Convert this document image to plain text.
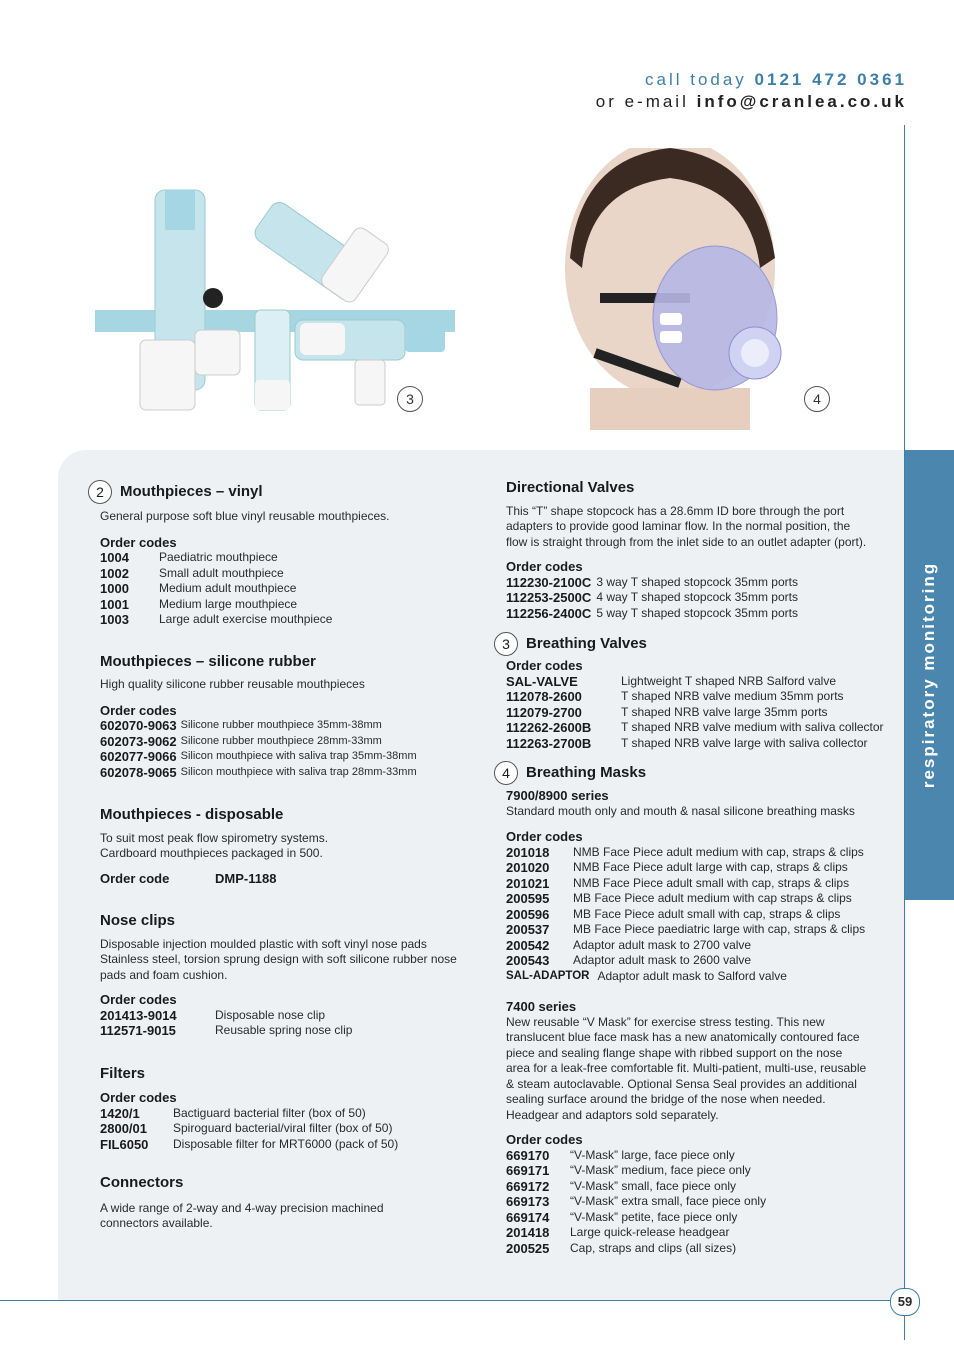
call today 0121 472 0361
or e-mail info@cranlea.co.uk
respiratory monitoring
3	4
2	Mouthpieces – vinyl

General purpose soft blue vinyl reusable mouthpieces.

Order codes

1004	Paediatric mouthpiece
1002	Small adult mouthpiece
1000	Medium adult mouthpiece
1001	Medium large mouthpiece
1003	Large adult exercise mouthpiece
Mouthpieces – silicone rubber

High quality silicone rubber reusable mouthpieces

Order codes

602070-9063 Silicone rubber mouthpiece 35mm-38mm
602073-9062 Silicone rubber mouthpiece 28mm-33mm
602077-9066 Silicon mouthpiece with saliva trap 35mm-38mm
602078-9065 Silicon mouthpiece with saliva trap 28mm-33mm
Mouthpieces - disposable

To suit most peak flow spirometry systems.

Cardboard mouthpieces packaged in 500.

Order code	DMP-1188
Nose clips

Disposable injection moulded plastic with soft vinyl nose pads

Stainless steel, torsion sprung design with soft silicone rubber nose

pads and foam cushion.

Order codes

201413-9014	Disposable nose clip
112571-9015	Reusable spring nose clip
Filters

Order codes

1420/1	Bactiguard bacterial filter (box of 50)
2800/01	Spiroguard bacterial/viral filter (box of 50)
FIL6050	Disposable filter for MRT6000 (pack of 50)
Connectors

A wide range of 2-way and 4-way precision machined

connectors available.

Directional Valves

This “T” shape stopcock has a 28.6mm ID bore through the port

adapters to provide good laminar flow. In the normal position, the

flow is straight through from the inlet side to an outlet adapter (port).

Order codes

112230-2100C 3 way T shaped stopcock 35mm ports
112253-2500C 4 way T shaped stopcock 35mm ports
112256-2400C 5 way T shaped stopcock 35mm ports
3	Breathing Valves

Order codes

SAL-VALVE	Lightweight T shaped NRB Salford valve
112078-2600	T shaped NRB valve medium 35mm ports
112079-2700	T shaped NRB valve large 35mm ports
112262-2600B	T shaped NRB valve medium with saliva collector
112263-2700B	T shaped NRB valve large with saliva collector
4	Breathing Masks

7900/8900 series

Standard mouth only and mouth & nasal silicone breathing masks

Order codes

201018	NMB Face Piece adult medium with cap, straps & clips
201020	NMB Face Piece adult large with cap, straps & clips
201021	NMB Face Piece adult small with cap, straps & clips
200595	MB Face Piece adult medium with cap straps & clips
200596	MB Face Piece adult small with cap, straps & clips
200537	MB Face Piece paediatric large with cap, straps & clips
200542	Adaptor adult mask to 2700 valve
200543	Adaptor adult mask to 2600 valve
SAL-ADAPTOR Adaptor adult mask to Salford valve

7400 series

New reusable “V Mask” for exercise stress testing. This new

translucent blue face mask has a new anatomically contoured face

piece and sealing flange shape with ribbed support on the nose

area for a leak-free comfortable fit. Multi-patient, multi-use, reusable

& steam autoclavable. Optional Sensa Seal provides an additional

sealing surface around the bridge of the nose when needed.

Headgear and adaptors sold separately.

Order codes

669170	“V-Mask” large, face piece only
669171	“V-Mask” medium, face piece only
669172	“V-Mask” small, face piece only
669173	“V-Mask” extra small, face piece only
669174	“V-Mask” petite, face piece only
201418	Large quick-release headgear
200525	Cap, straps and clips (all sizes)
59
